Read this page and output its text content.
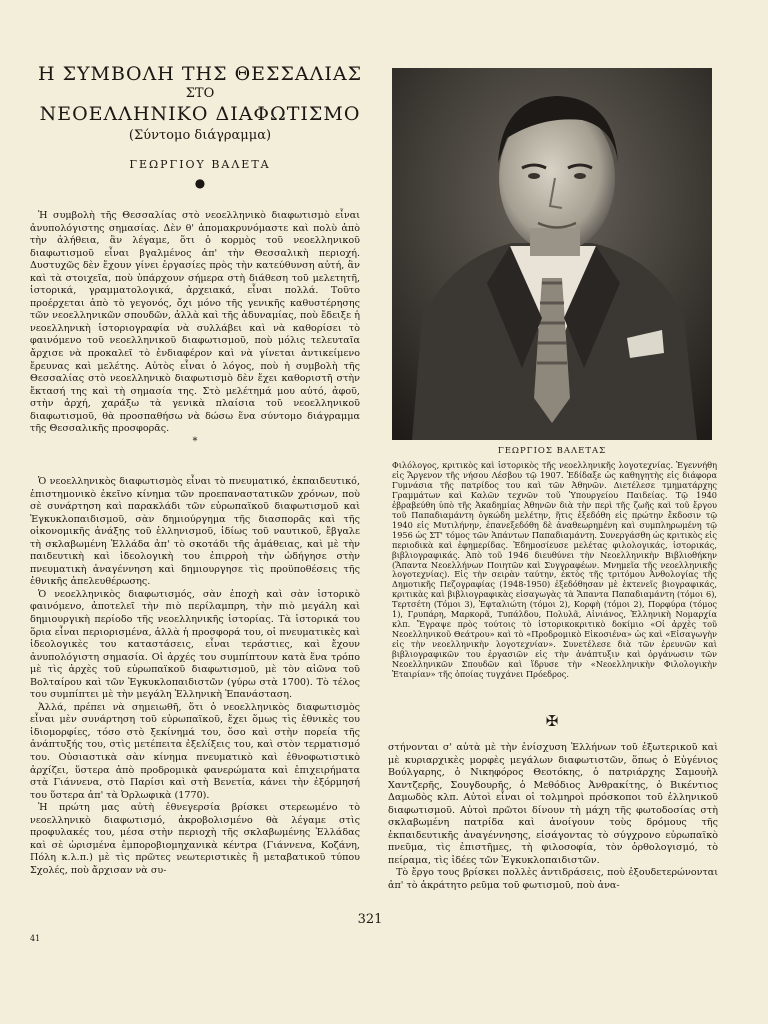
Η ΣΥΜΒΟΛΗ ΤΗΣ ΘΕΣΣΑΛΙΑΣ

ΣΤΟ

ΝΕΟΕΛΛΗΝΙΚΟ ΔΙΑΦΩΤΙΣΜΟ

(Σύντομο διάγραμμα)

ΓΕΩΡΓΙΟΥ ΒΑΛΕΤΑ
●

Ἡ συμβολὴ τῆς Θεσσαλίας στὸ νεοελληνικὸ διαφωτισμὸ εἶναι ἀνυπολόγιστης σημασίας. Δὲν θ' ἀπομακρυνόμαστε καὶ πολὺ ἀπὸ τὴν ἀλήθεια, ἂν λέγαμε, ὅτι ὁ κορμὸς τοῦ νεοελληνικοῦ διαφωτισμοῦ εἶναι βγαλμένος ἀπ' τὴν Θεσσαλικὴ περιοχή. Δυστυχῶς δὲν ἔχουν γίνει ἐργασίες πρὸς τὴν κατεύθυνση αὐτή, ἂν καὶ τὰ στοιχεῖα, ποὺ ὑπάρχουν σήμερα στὴ διάθεση τοῦ μελετητῆ, ἱστορικά, γραμματολογικά, ἀρχειακά, εἶναι πολλά. Τοῦτο προέρχεται ἀπὸ τὸ γεγονός, ὄχι μόνο τῆς γενικῆς καθυστέρησης τῶν νεοελληνικῶν σπουδῶν, ἀλλὰ καὶ τῆς ἀδυναμίας, ποὺ ἔδειξε ἡ νεοελληνικὴ ἱστοριογραφία νὰ συλλάβει καὶ νὰ καθορίσει τὸ φαινόμενο τοῦ νεοελληνικοῦ διαφωτισμοῦ, ποὺ μόλις τελευταῖα ἄρχισε νὰ προκαλεῖ τὸ ἐνδιαφέρον καὶ νὰ γίνεται ἀντικείμενο ἔρευνας καὶ μελέτης. Αὐτὸς εἶναι ὁ λόγος, ποὺ ἡ συμβολὴ τῆς Θεσσαλίας στὸ νεοελληνικὸ διαφωτισμὸ δὲν ἔχει καθοριστῆ στὴν ἔκτασή της καὶ τὴ σημασία της. Στὸ μελέτημά μου αὐτό, ἀφοῦ, στὴν ἀρχή, χαράξω τὰ γενικὰ πλαίσια τοῦ νεοελληνικοῦ διαφωτισμοῦ, θὰ προσπαθήσω νὰ δώσω ἕνα σύντομο διάγραμμα τῆς Θεσσαλικῆς προσφορᾶς.

*

Ὁ νεοελληνικὸς διαφωτισμὸς εἶναι τὸ πνευματικό, ἐκπαιδευτικό, ἐπιστημονικὸ ἐκεῖνο κίνημα τῶν προεπαναστατικῶν χρόνων, ποὺ σὲ συνάρτηση καὶ παρακλάδι τῶν εὐρωπαϊκοῦ διαφωτισμοῦ καὶ Ἐγκυκλοπαιδισμοῦ, σὰν δημιούργημα τῆς διασπορᾶς καὶ τῆς οἰκονομικῆς ἀνάξης τοῦ ἑλληνισμοῦ, ἰδίως τοῦ ναυτικοῦ, ἔβγαλε τὴ σκλαβωμένη Ἑλλάδα ἀπ' τὸ σκοτάδι τῆς ἀμάθειας, καὶ μὲ τὴν παιδευτικὴ καὶ ἰδεολογικὴ του ἐπιρροὴ τὴν ὡδήγησε στὴν πνευματικὴ ἀναγέννηση καὶ δημιουργησε τὶς προϋποθέσεις τῆς ἐθνικῆς ἀπελευθέρωσης.

Ὁ νεοελληνικὸς διαφωτισμός, σὰν ἐποχὴ καὶ σὰν ἱστορικὸ φαινόμενο, ἀποτελεῖ τὴν πιὸ περίλαμπρη, τὴν πιὸ μεγάλη καὶ δημιουργικὴ περίοδο τῆς νεοελληνικῆς ἱστορίας. Τὰ ἱστορικά του ὅρια εἶναι περιορισμένα, ἀλλὰ ἡ προσφορά του, οἱ πνευματικὲς καὶ ἰδεολογικὲς του καταστάσεις, εἶναι τεράστιες, καὶ ἔχουν ἀνυπολόγιστη σημασία. Οἱ ἀρχές του συμπίπτουν κατὰ ἕνα τρόπο μὲ τὶς ἀρχὲς τοῦ εὐρωπαϊκοῦ διαφωτισμοῦ, μὲ τὸν αἰῶνα τοῦ Βολταίρου καὶ τῶν Ἐγκυκλοπαιδιστῶν (γύρω στὰ 1700). Τὸ τέλος του συμπίπτει μὲ τὴν μεγάλη Ἑλληνικὴ Ἐπανάσταση.

Ἀλλά, πρέπει νὰ σημειωθῆ, ὅτι ὁ νεοελληνικὸς διαφωτισμὸς εἶναι μὲν συνάρτηση τοῦ εὐρωπαϊκοῦ, ἔχει ὅμως τὶς ἐθνικὲς του ἰδιομορφίες, τόσο στὸ ξεκίνημά του, ὅσο καὶ στὴν πορεία τῆς ἀνάπτυξής του, στὶς μετέπειτα ἐξελίξεις του, καὶ στὸν τερματισμό του. Οὐσιαστικὰ σὰν κίνημα πνευματικὸ καὶ ἐθνοφωτιστικὸ ἀρχίζει, ὕστερα ἀπὸ προδρομικὰ φανερώματα καὶ ἐπιχειρήματα στὰ Γιάννενα, στὸ Παρίσι καὶ στὴ Βενετία, κάνει τὴν ἐξόρμησή του ὕστερα ἀπ' τὰ Ὀρλωφικὰ (1770).

Ἡ πρώτη μας αὐτὴ ἐθνεγερσία βρίσκει στερεωμένο τὸ νεοελληνικὸ διαφωτισμό, ἀκροβολισμένο θὰ λέγαμε στὶς προφυλακές του, μέσα στὴν περιοχὴ τῆς σκλαβωμένης Ἑλλάδας καὶ σὲ ὡρισμένα ἐμποροβιομηχανικὰ κέντρα (Γιάννενα, Κοζάνη, Πόλη κ.λ.π.) μὲ τὶς πρῶτες νεωτεριστικὲς ἢ μεταβατικοῦ τύπου Σχολές, ποὺ ἄρχισαν νὰ συ-

ΓΕΩΡΓΙΟΣ ΒΑΛΕΤΑΣ
Φιλόλογος, κριτικὸς καὶ ἱστορικὸς τῆς νεοελληνικῆς λογοτεχνίας. Ἐγεννήθη εἰς Ἄργενον τῆς νήσου Λέσβου τῷ 1907. Ἐδίδαξε ὡς καθηγητὴς εἰς διάφορα Γυμνάσια τῆς πατρίδος του καὶ τῶν Ἀθηνῶν. Διετέλεσε τμηματάρχης Γραμμάτων καὶ Καλῶν τεχνῶν τοῦ Ὑπουργείου Παιδείας. Τῷ 1940 ἐβραβεύθη ὑπὸ τῆς Ἀκαδημίας Ἀθηνῶν διὰ τὴν περὶ τῆς ζωῆς καὶ τοῦ ἔργου τοῦ Παπαδιαμάντη ὀγκώδη μελέτην, ἥτις ἐξεδόθη εἰς πρώτην ἔκδοσιν τῷ 1940 εἰς Μυτιλήνην, ἐπανεξεδόθη δὲ ἀναθεωρημένη καὶ συμπληρωμένη τῷ 1956 ὡς ΣΤ' τόμος τῶν Ἁπάντων Παπαδιαμάντη. Συνεργάσθη ὡς κριτικὸς εἰς περιοδικὰ καὶ ἐφημερίδας. Ἐδημοσίευσε μελέτας φιλολογικάς, ἱστορικάς, βιβλιογραφικάς. Ἀπὸ τοῦ 1946 διευθύνει τὴν Νεοελληνικὴν Βιβλιοθήκην (Ἅπαντα Νεοελλήνων Ποιητῶν καὶ Συγγραφέων. Μνημεῖα τῆς νεοελληνικῆς λογοτεχνίας). Εἰς τὴν σειρὰν ταύτην, ἐκτὸς τῆς τριτόμου Ἀνθολογίας τῆς Δημοτικῆς Πεζογραφίας (1948-1950) ἐξεδόθησαν μὲ ἐκτενεῖς βιογραφικάς, κριτικὰς καὶ βιβλιογραφικὰς εἰσαγωγὰς τὰ Ἅπαντα Παπαδιαμάντη (τόμοι 6), Τερτσέτη (Τόμοι 3), Ἐφταλιώτη (τόμοι 2), Κορφὴ (τόμοι 2), Πορφύρα (τόμος 1), Γρυπάρη, Μαρκορᾶ, Τυπάλδου, Πολυλᾶ, Αἰνιάνος, Ἑλληνικὴ Νομαρχία κλπ. Ἔγραψε πρὸς τούτοις τὸ ἱστορικοκριτικὸ δοκίμιο «Οἱ ἀρχὲς τοῦ Νεοελληνικοῦ Θεάτρου» καὶ τὸ «Προδρομικὸ Εἰκοσιένα» ὡς καὶ «Εἰσαγωγὴν εἰς τὴν νεοελληνικὴν λογοτεχνίαν». Συνετέλεσε διὰ τῶν ἐρευνῶν καὶ βιβλιογραφικῶν του ἐργασιῶν εἰς τὴν ἀνάπτυξιν καὶ ὀργάνωσιν τῶν Νεοελληνικῶν Σπουδῶν καὶ ἵδρυσε τὴν «Νεοελληνικὴν Φιλολογικὴν Ἑταιρίαν» τῆς ὁποίας τυγχάνει Πρόεδρος.
✠

στήνονται σ' αὐτὰ μὲ τὴν ἐνίσχυση Ἑλλήνων τοῦ ἐξωτερικοῦ καὶ μὲ κυριαρχικὲς μορφὲς μεγάλων διαφωτιστῶν, ὅπως ὁ Εὐγένιος Βούλγαρης, ὁ Νικηφόρος Θεοτόκης, ὁ πατριάρχης Σαμουὴλ Χαντζερῆς, Σουγδουρῆς, ὁ Μεθόδιος Ἀνθρακίτης, ὁ Βικέντιος Δαμωδὸς κλπ. Αὐτοὶ εἶναι οἱ τολμηροὶ πρόσκοποι τοῦ ἑλληνικοῦ διαφωτισμοῦ. Αὐτοὶ πρῶτοι δίνουν τὴ μάχη τῆς φωτοδοσίας στὴ σκλαβωμένη πατρίδα καὶ ἀνοίγουν τοὺς δρόμους τῆς ἐκπαιδευτικῆς ἀναγέννησης, εἰσάγοντας τὸ σύγχρονο εὐρωπαϊκὸ πνεῦμα, τὶς ἐπιστῆμες, τὴ φιλοσοφία, τὸν ὀρθολογισμό, τὸ πείραμα, τὶς ἰδέες τῶν Ἐγκυκλοπαιδιστῶν.

Τὸ ἔργο τους βρίσκει πολλὲς ἀντιδράσεις, ποὺ ἐξουδετερώνονται ἀπ' τὸ ἀκράτητο ρεῦμα τοῦ φωτισμοῦ, ποὺ ἀνα-

321
41
